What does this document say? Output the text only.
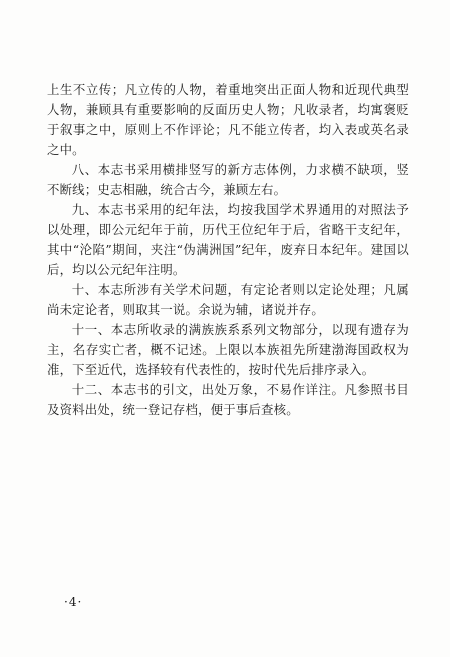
上生不立传；凡立传的人物，着重地突出正面人物和近现代典型人物，兼顾具有重要影响的反面历史人物；凡收录者，均寓褒贬于叙事之中，原则上不作评论；凡不能立传者，均入表或英名录之中。

八、本志书采用横排竖写的新方志体例，力求横不缺项，竖不断线；史志相融，统合古今，兼顾左右。

九、本志书采用的纪年法，均按我国学术界通用的对照法予以处理，即公元纪年于前，历代王位纪年于后，省略干支纪年，其中“沦陷”期间，夹注“伪满洲国”纪年，废弃日本纪年。建国以后，均以公元纪年注明。

十、本志所涉有关学术问题，有定论者则以定论处理；凡属尚未定论者，则取其一说。余说为辅，诸说并存。

十一、本志所收录的满族族系系列文物部分，以现有遗存为主，名存实亡者，概不记述。上限以本族祖先所建渤海国政权为准，下至近代，选择较有代表性的，按时代先后排序录入。

十二、本志书的引文，出处万象，不易作详注。凡参照书目及资料出处，统一登记存档，便于事后查核。

·4·
